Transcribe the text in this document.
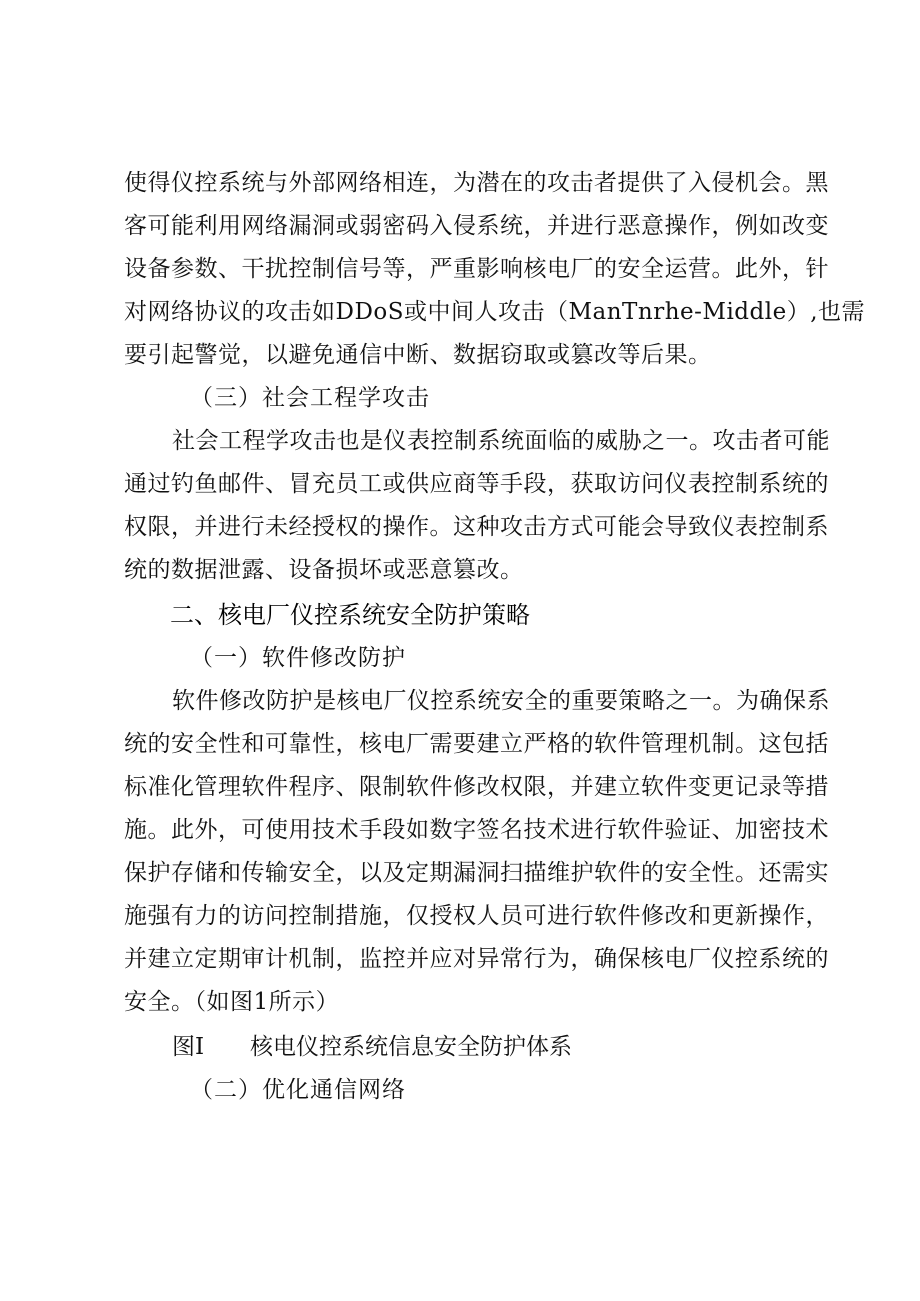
使得仪控系统与外部网络相连，为潜在的攻击者提供了入侵机会。黑
客可能利用网络漏洞或弱密码入侵系统，并进行恶意操作，例如改变
设备参数、干扰控制信号等，严重影响核电厂的安全运营。此外，针
对网络协议的攻击如DDoS或中间人攻击（ManTnrhe-Middle）,也需
要引起警觉，以避免通信中断、数据窃取或篡改等后果。
（三）社会工程学攻击
社会工程学攻击也是仪表控制系统面临的威胁之一。攻击者可能
通过钓鱼邮件、冒充员工或供应商等手段，获取访问仪表控制系统的
权限，并进行未经授权的操作。这种攻击方式可能会导致仪表控制系
统的数据泄露、设备损坏或恶意篡改。
二、核电厂仪控系统安全防护策略
（一）软件修改防护
软件修改防护是核电厂仪控系统安全的重要策略之一。为确保系
统的安全性和可靠性，核电厂需要建立严格的软件管理机制。这包括
标准化管理软件程序、限制软件修改权限，并建立软件变更记录等措
施。此外，可使用技术手段如数字签名技术进行软件验证、加密技术
保护存储和传输安全，以及定期漏洞扫描维护软件的安全性。还需实
施强有力的访问控制措施，仅授权人员可进行软件修改和更新操作，
并建立定期审计机制，监控并应对异常行为，确保核电厂仪控系统的
安全。（如图1所示）
图I 核电仪控系统信息安全防护体系
（二）优化通信网络
